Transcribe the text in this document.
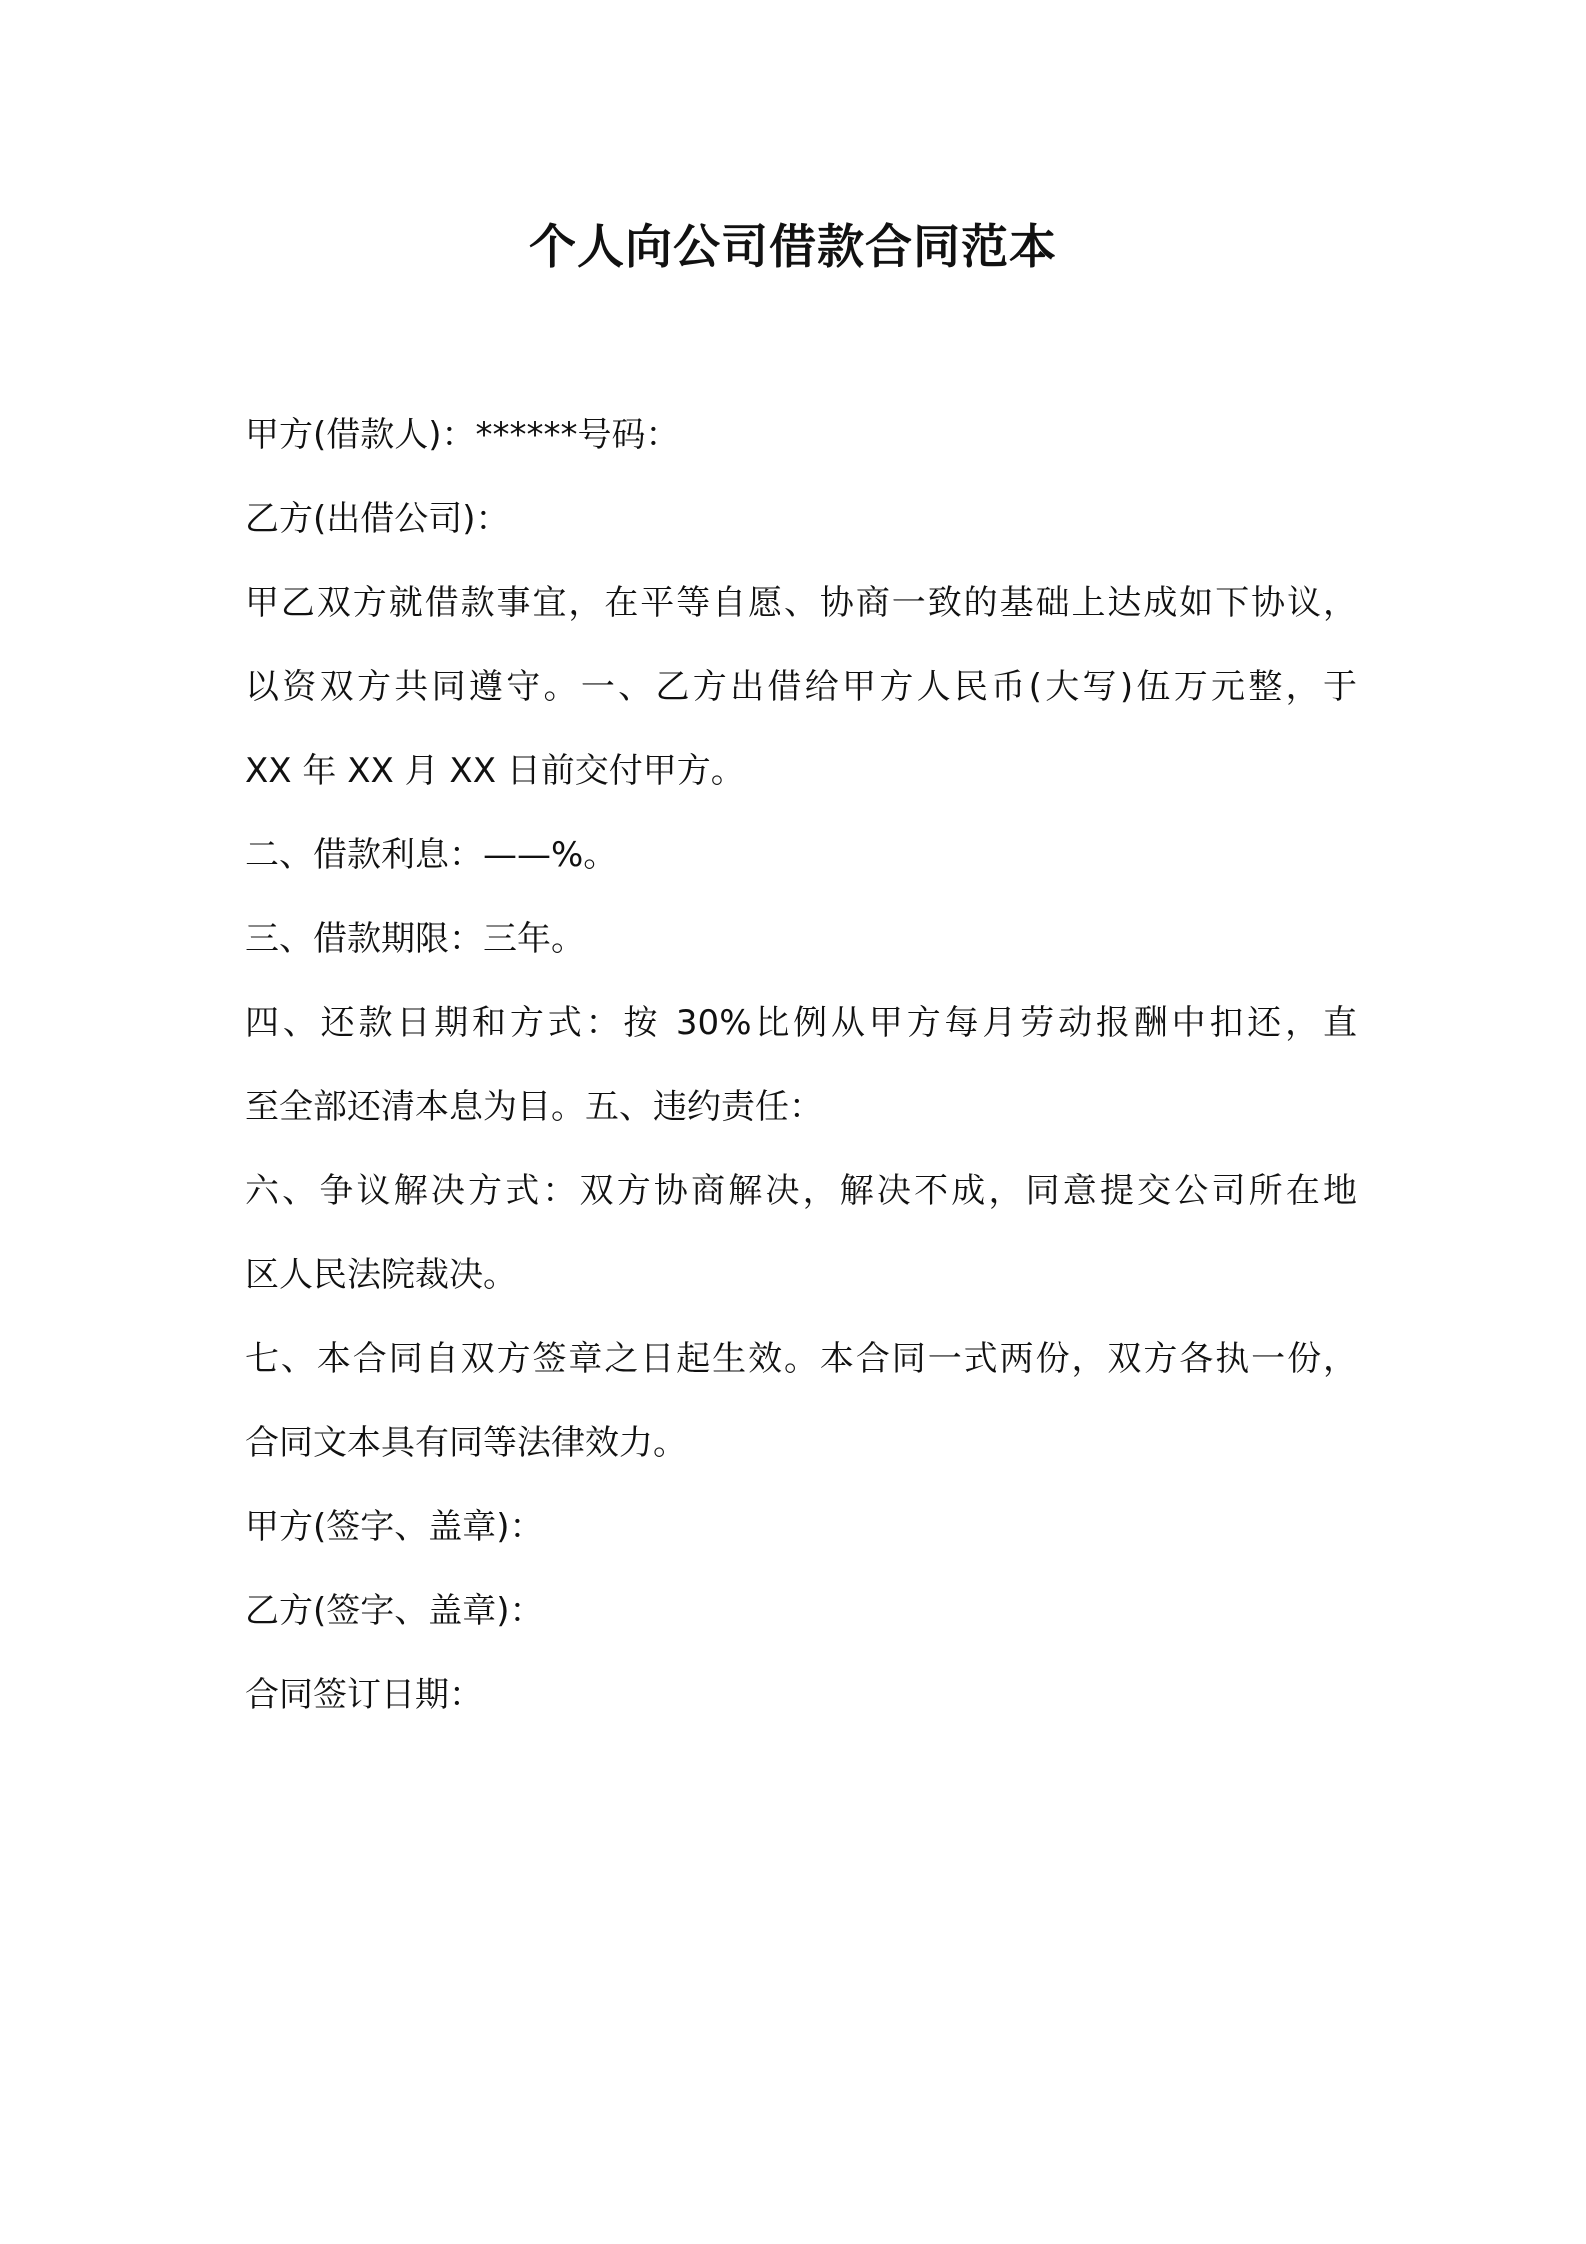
个人向公司借款合同范本
甲方(借款人)：******号码：
乙方(出借公司)：
甲乙双方就借款事宜，在平等自愿、协商一致的基础上达成如下协议，
以资双方共同遵守。一、乙方出借给甲方人民币(大写)伍万元整，于
XX 年 XX 月 XX 日前交付甲方。
二、借款利息：——%。
三、借款期限：三年。
四、还款日期和方式：按 30%比例从甲方每月劳动报酬中扣还，直
至全部还清本息为目。五、违约责任：
六、争议解决方式：双方协商解决，解决不成，同意提交公司所在地
区人民法院裁决。
七、本合同自双方签章之日起生效。本合同一式两份，双方各执一份，
合同文本具有同等法律效力。
甲方(签字、盖章)：
乙方(签字、盖章)：
合同签订日期：
